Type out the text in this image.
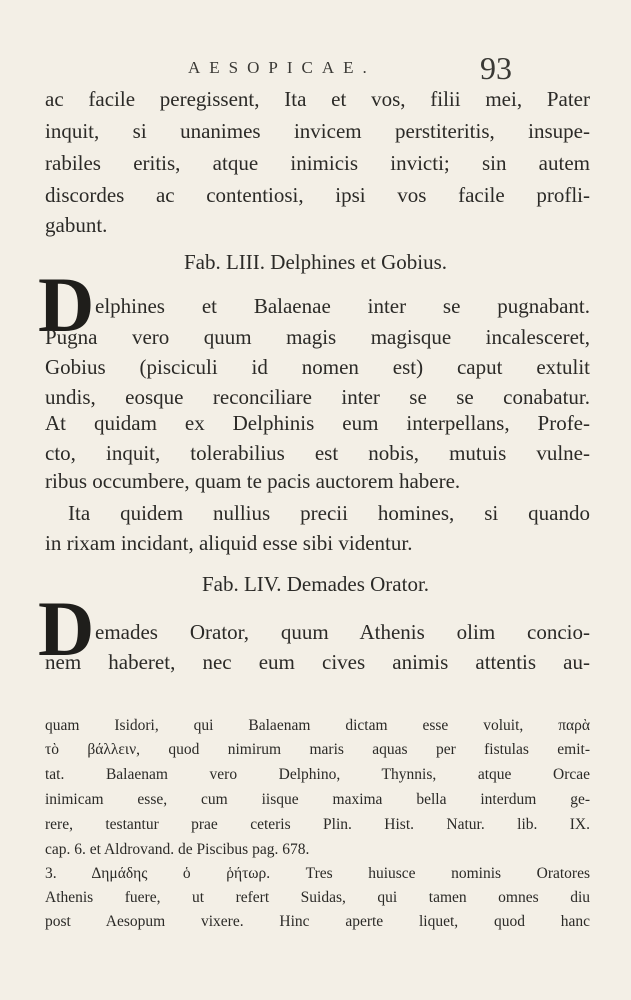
AESOPICAE.	93
ac facile peregissent, Ita et vos, filii mei, Pater
inquit, si unanimes invicem perstiteritis, insupe-
rabiles eritis, atque inimicis invicti; sin autem
discordes ac contentiosi, ipsi vos facile profli-
gabunt.
Fab. LIII. Delphines et Gobius.
D elphines et Balaenae inter se pugnabant.
Pugna vero quum magis magisque incalesceret,
Gobius (pisciculi id nomen est) caput extulit
undis, eosque reconciliare inter se se conabatur.
At quidam ex Delphinis eum interpellans, Profe-
cto, inquit, tolerabilius est nobis, mutuis vulne-
ribus occumbere, quam te pacis auctorem habere.
Ita quidem nullius precii homines, si quando
in rixam incidant, aliquid esse sibi videntur.
Fab. LIV. Demades Orator.
D emades Orator, quum Athenis olim concio-
nem haberet, nec eum cives animis attentis au-
quam Isidori, qui Balaenam dictam esse voluit, παρὰ
τὸ βάλλειν, quod nimirum maris aquas per fistulas emit-
tat. Balaenam vero Delphino, Thynnis, atque Orcae
inimicam esse, cum iisque maxima bella interdum ge-
rere, testantur prae ceteris Plin. Hist. Natur. lib. IX.
cap. 6. et Aldrovand. de Piscibus pag. 678.
3. Δημάδης ὁ ῥήτωρ. Tres huiusce nominis Oratores
Athenis fuere, ut refert Suidas, qui tamen omnes diu
post Aesopum vixere. Hinc aperte liquet, quod hanc
